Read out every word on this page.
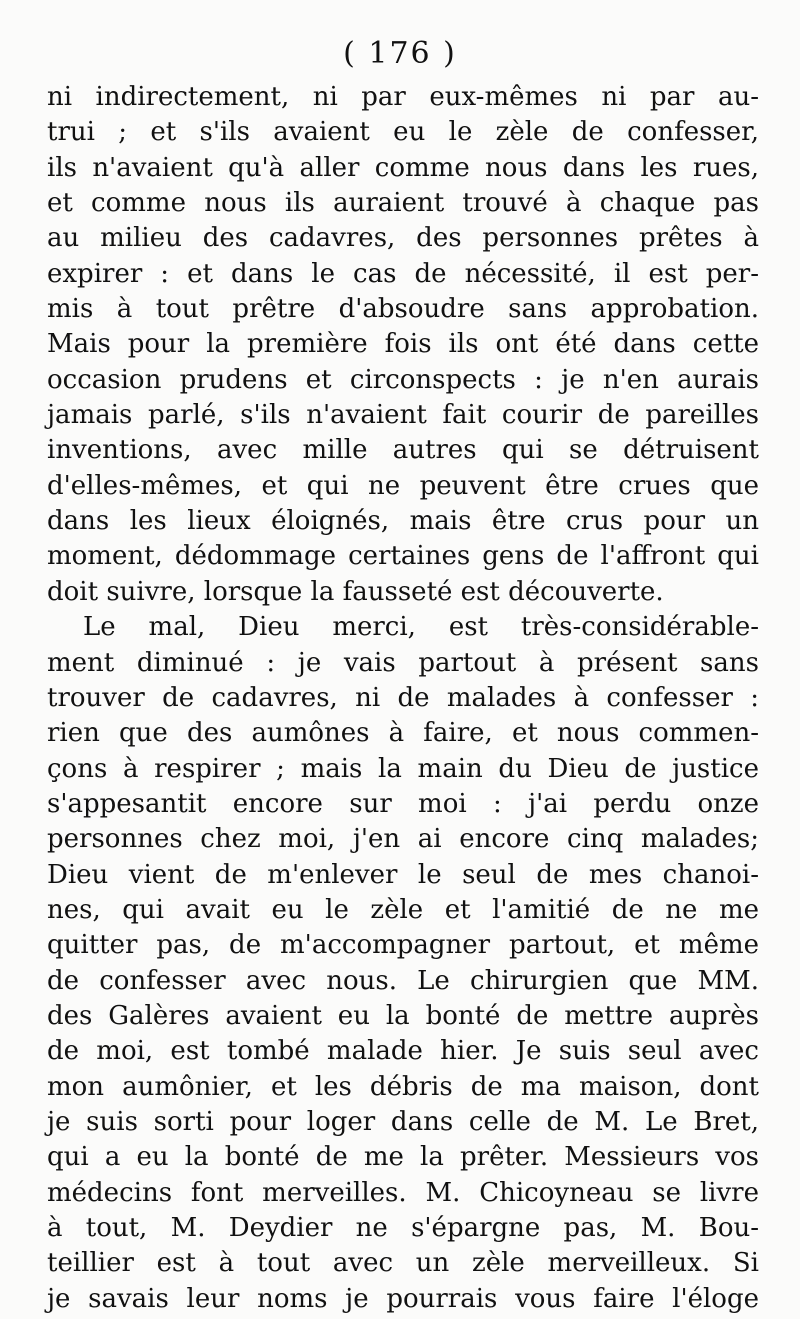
( 176 )
ni indirectement, ni par eux-mêmes ni par au-
trui ; et s'ils avaient eu le zèle de confesser,
ils n'avaient qu'à aller comme nous dans les rues,
et comme nous ils auraient trouvé à chaque pas
au milieu des cadavres, des personnes prêtes à
expirer : et dans le cas de nécessité, il est per-
mis à tout prêtre d'absoudre sans approbation.
Mais pour la première fois ils ont été dans cette
occasion prudens et circonspects : je n'en aurais
jamais parlé, s'ils n'avaient fait courir de pareilles
inventions, avec mille autres qui se détruisent
d'elles-mêmes, et qui ne peuvent être crues que
dans les lieux éloignés, mais être crus pour un
moment, dédommage certaines gens de l'affront qui
doit suivre, lorsque la fausseté est découverte.
Le mal, Dieu merci, est très-considérable-
ment diminué : je vais partout à présent sans
trouver de cadavres, ni de malades à confesser :
rien que des aumônes à faire, et nous commen-
çons à respirer ; mais la main du Dieu de justice
s'appesantit encore sur moi : j'ai perdu onze
personnes chez moi, j'en ai encore cinq malades;
Dieu vient de m'enlever le seul de mes chanoi-
nes, qui avait eu le zèle et l'amitié de ne me
quitter pas, de m'accompagner partout, et même
de confesser avec nous. Le chirurgien que MM.
des Galères avaient eu la bonté de mettre auprès
de moi, est tombé malade hier. Je suis seul avec
mon aumônier, et les débris de ma maison, dont
je suis sorti pour loger dans celle de M. Le Bret,
qui a eu la bonté de me la prêter. Messieurs vos
médecins font merveilles. M. Chicoyneau se livre
à tout, M. Deydier ne s'épargne pas, M. Bou-
teillier est à tout avec un zèle merveilleux. Si
je savais leur noms je pourrais vous faire l'éloge
